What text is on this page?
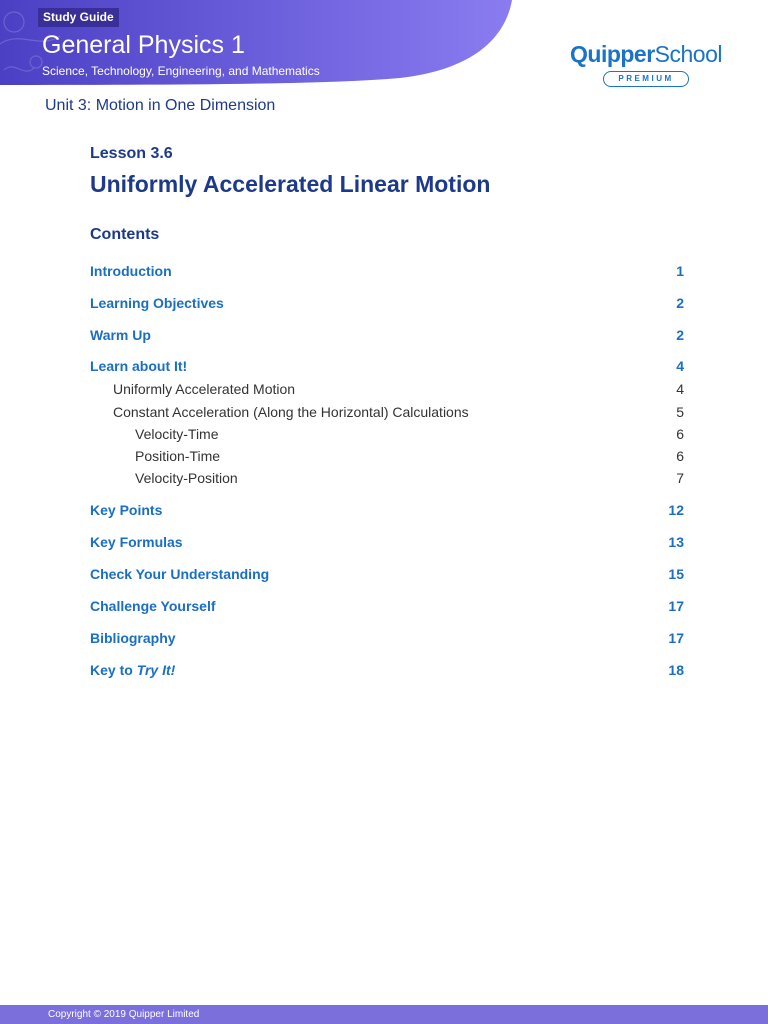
Study Guide
General Physics 1
Science, Technology, Engineering, and Mathematics
QuipperSchool
PREMIUM
Unit 3: Motion in One Dimension
Lesson 3.6
Uniformly Accelerated Linear Motion
Contents
Introduction	1
Learning Objectives	2
Warm Up	2
Learn about It!	4
Uniformly Accelerated Motion	4
Constant Acceleration (Along the Horizontal) Calculations	5
Velocity-Time	6
Position-Time	6
Velocity-Position	7
Key Points	12
Key Formulas	13
Check Your Understanding	15
Challenge Yourself	17
Bibliography	17
Key to Try It!	18
Copyright © 2019 Quipper Limited
